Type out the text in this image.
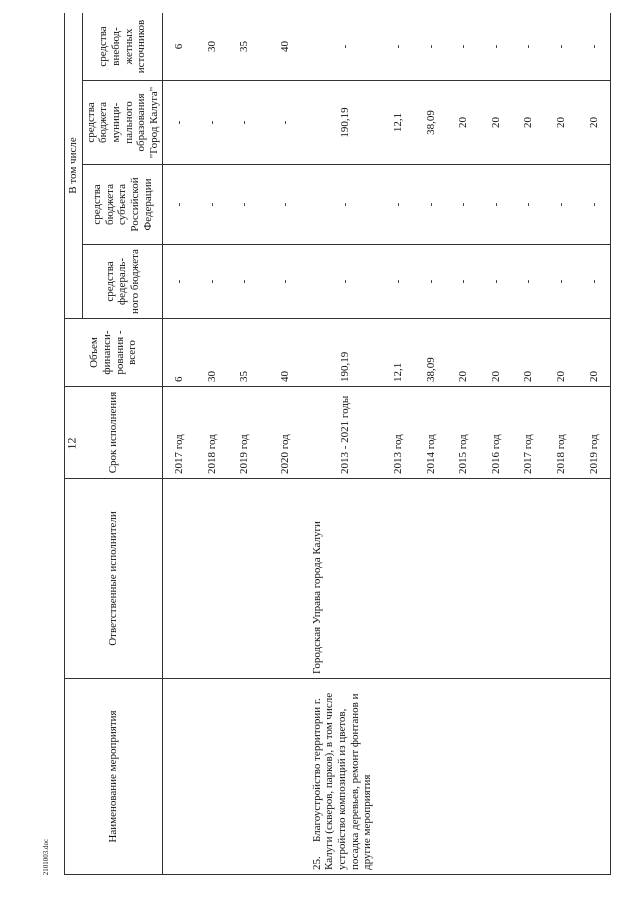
12
2101003.doc
Наименование мероприятия	Ответственные исполнители	Срок исполнения	Объем финанси- рования - всего	В том числе			
				средства федераль- ного бюджета	средства бюджета субъекта Российской Федерации	средства бюджета муници- пального образования "Город Калуга"	средства внебюд- жетных источников
		2017 год	6	-	-	-	6
		2018 год	30	-	-	-	30
		2019 год	35	-	-	-	35
		2020 год	40	-	-	-	40
25.Благоустройство территории г. Калуги (скверов, парков), в том числе устройство композиций из цветов, посадка деревьев, ремонт фонтанов и другие мероприятия	Городская Управа города Калуги	2013 - 2021 годы	190,19	-	-	190,19	-
		2013 год	12,1	-	-	12,1	-
		2014 год	38,09	-	-	38,09	-
		2015 год	20	-	-	20	-
		2016 год	20	-	-	20	-
		2017 год	20	-	-	20	-
		2018 год	20	-	-	20	-
		2019 год	20	-	-	20	-
